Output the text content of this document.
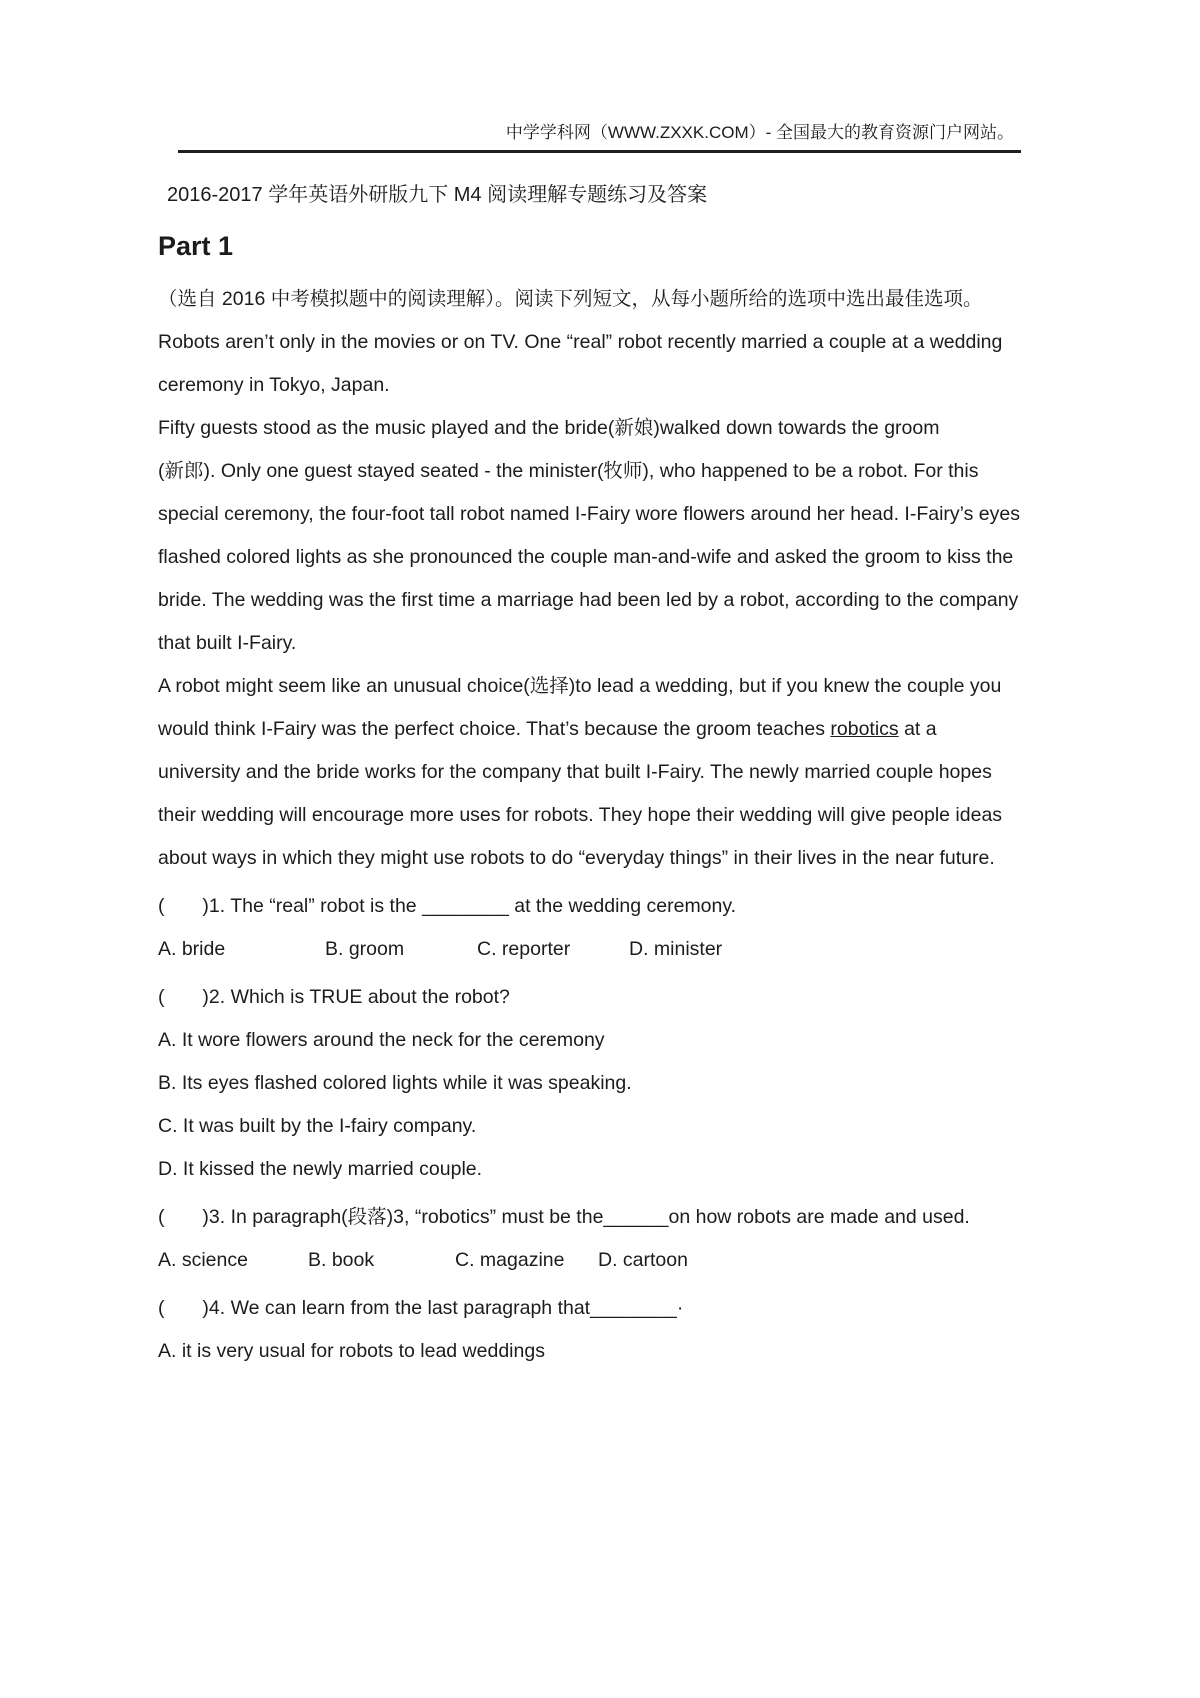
中学学科网（WWW.ZXXK.COM）- 全国最大的教育资源门户网站。
2016-2017 学年英语外研版九下 M4 阅读理解专题练习及答案
Part 1
（选自 2016 中考模拟题中的阅读理解）。阅读下列短文，从每小题所给的选项中选出最佳选项。
Robots aren’t only in the movies or on TV. One “real” robot recently married a couple at a wedding
ceremony in Tokyo, Japan.
Fifty guests stood as the music played and the bride(新娘)walked down towards the groom
(新郎). Only one guest stayed seated - the minister(牧师), who happened to be a robot. For this
special ceremony, the four-foot tall robot named I-Fairy wore flowers around her head. I-Fairy’s eyes
flashed colored lights as she pronounced the couple man-and-wife and asked the groom to kiss the
bride. The wedding was the first time a marriage had been led by a robot, according to the company
that built I-Fairy.
A robot might seem like an unusual choice(选择)to lead a wedding, but if you knew the couple you
would think I-Fairy was the perfect choice. That’s because the groom teaches robotics at a
university and the bride works for the company that built I-Fairy. The newly married couple hopes
their wedding will encourage more uses for robots. They hope their wedding will give people ideas
about ways in which they might use robots to do “everyday things” in their lives in the near future.
(       )1. The “real” robot is the ________ at the wedding ceremony.
A. bride	B. groom	C. reporter	D. minister
(       )2. Which is TRUE about the robot?
A. It wore flowers around the neck for the ceremony
B. Its eyes flashed colored lights while it was speaking.
C. It was built by the I-fairy company.
D. It kissed the newly married couple.
(       )3. In paragraph(段落)3, “robotics” must be the______on how robots are made and used.
A. science	B. book	C. magazine D. cartoon
(       )4. We can learn from the last paragraph that________·
A. it is very usual for robots to lead weddings
